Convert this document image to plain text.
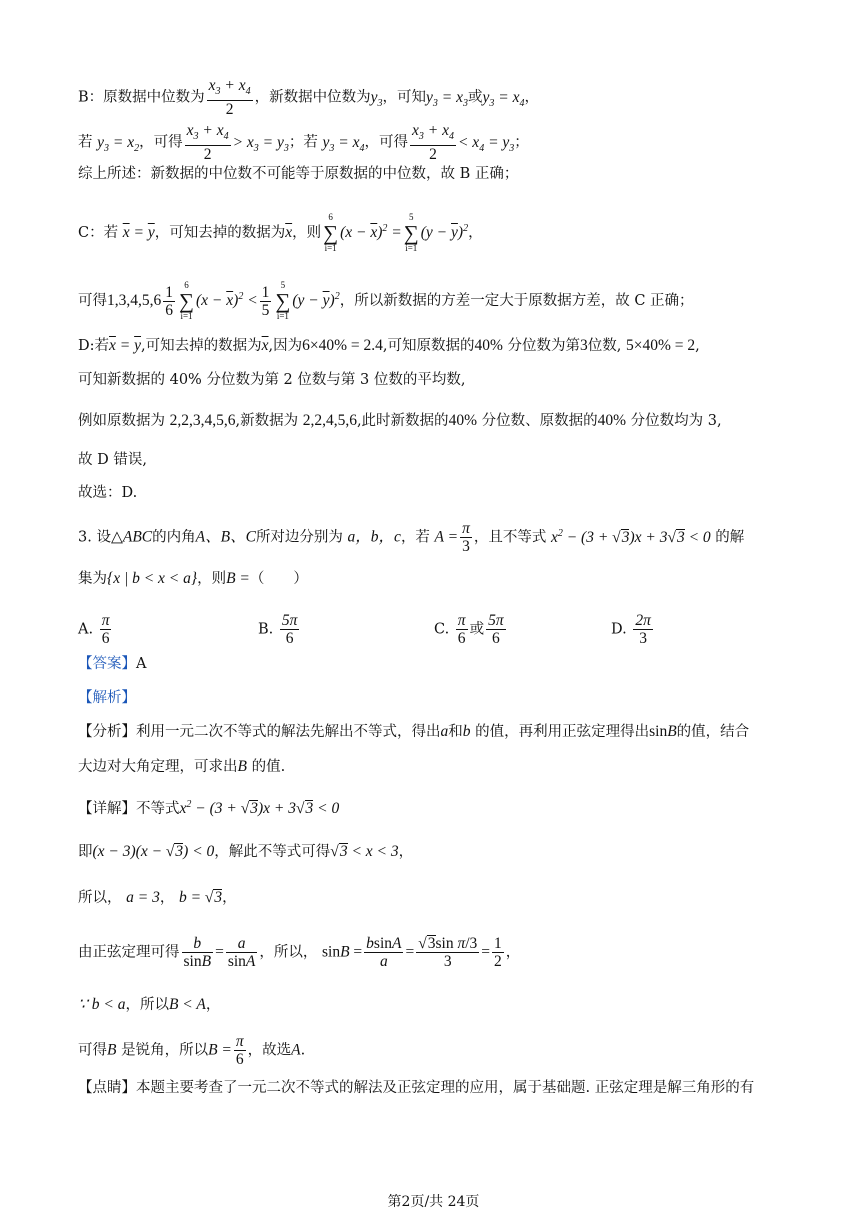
B：原数据中位数为 $\frac{x_3 + x_4}{2}$ ，新数据中位数为$y_3$，可知$y_3 = x_3$或$y_3 = x_4$，
若 $y_3 = x_2$，可得 $\frac{x_3 + x_4}{2} > x_3 = y_3$；若 $y_3 = x_4$，可得 $\frac{x_3 + x_4}{2} < x_4 = y_3$；
综上所述：新数据的中位数不可能等于原数据的中位数，故 B 正确；
C：若 $\overline{x} = \overline{y}$，可知去掉的数据为$\overline{x}$，则
6
∑
i=1
$(x - \overline{x})^2$ =
5
∑
i=1
$(y - \overline{y})^2$，
可得$1,3,4,5,6 \frac{1}{6}$	6
∑
i=1
$(x - \overline{x})^2 < \frac{1}{5}$	5
∑
i=1
$(y - \overline{y})^2$，所以新数据的方差一定大于原数据方差，故 C 正确；
D:若$\overline{x} = \overline{y}$,可知去掉的数据为$\overline{x}$,因为6×40% = 2.4,可知原数据的40% 分位数为第3位数, 5×40% = 2,
可知新数据的 40% 分位数为第 2 位数与第 3 位数的平均数,
例如原数据为 2,2,3,4,5,6,新数据为 2,2,4,5,6,此时新数据的40% 分位数、原数据的40% 分位数均为 3,
故 D 错误,
故选：D.
3. 设△ABC的内角A、B、C所对边分别为 a，b，c，若 $A = \frac{\pi}{3}$ ，且不等式 $x^2 - (3 + √3)x + 3√3 < 0$ 的解
集为{x | b < x < a}，则B =（　　）
A. $\frac{\pi}{6}$	B. $\frac{5\pi}{6}$	C. $\frac{\pi}{6}$ 或 $\frac{5\pi}{6}$	D. $\frac{2\pi}{3}$
【答案】A
【解析】
【分析】利用一元二次不等式的解法先解出不等式，得出a和b 的值，再利用正弦定理得出sinB的值，结合
大边对大角定理，可求出B 的值.
【详解】不等式$x^2 - (3 + √3)x + 3√3 < 0$
即(x − 3)(x − √3) < 0，解此不等式可得√3 < x < 3，
所以， a = 3， b = √3，
由正弦定理可得 $\frac{b}{\sin B} = \frac{a}{\sin A}$ ，所以， $\sin B = \frac{bsinA}{a} = \frac{\text{√3sin π/3}}{3} = \frac{1}{2}$ ，
∵ b < a，所以B < A，
可得B 是锐角，所以$B = \frac{\pi}{6}$ ，故选A.
【点睛】本题主要考查了一元二次不等式的解法及正弦定理的应用，属于基础题. 正弦定理是解三角形的有
第2页/共 24页
